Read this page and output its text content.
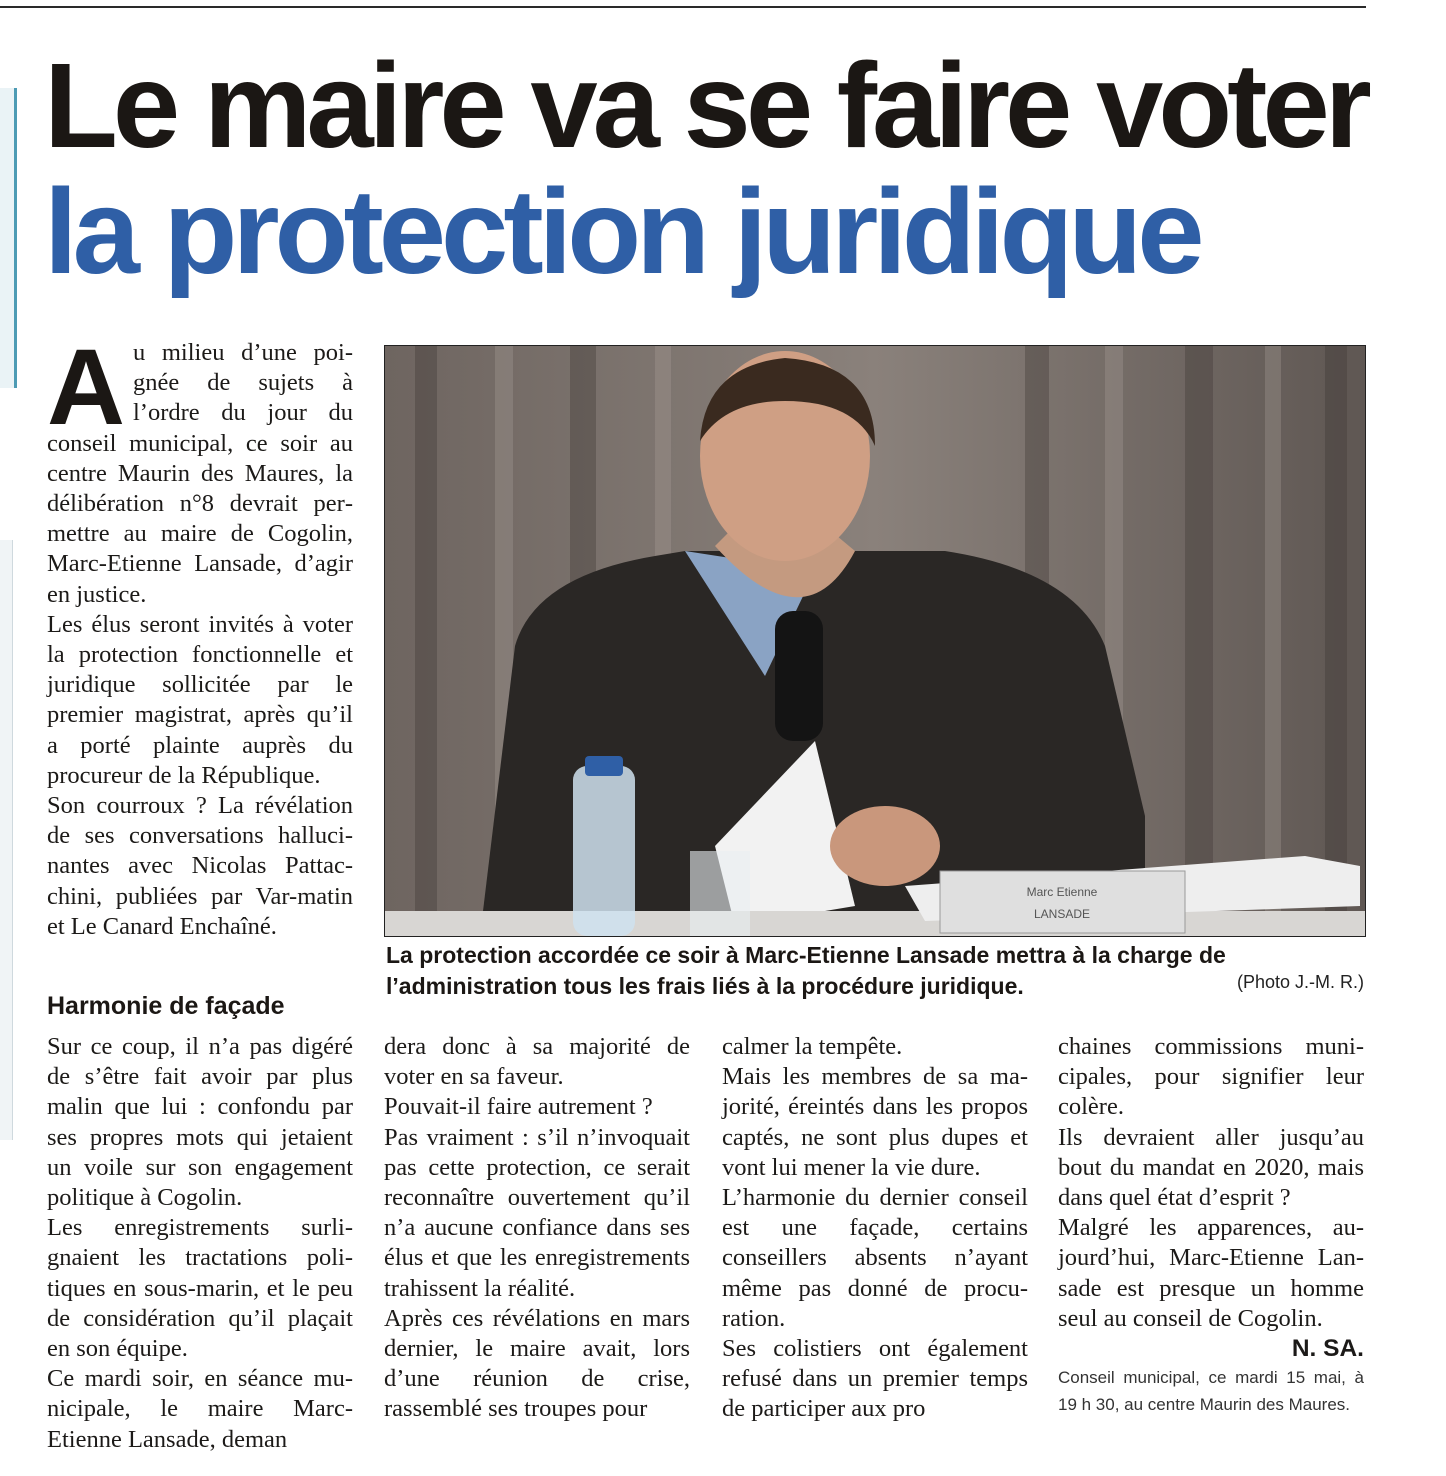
Le maire va se faire voter
la protection juridique
A u milieu d’une poignée de sujets à l’ordre du jour du conseil municipal, ce soir au centre Maurin des Maures, la délibération n°8 devrait permettre au maire de Cogolin, Marc-Etienne Lansade, d’agir en justice.

Les élus seront invités à voter la protection fonctionnelle et juridique sollicitée par le premier magistrat, après qu’il a porté plainte auprès du procureur de la République.

Son courroux ? La révélation de ses conversations hallucinantes avec Nicolas Pattacchini, publiées par Var-matin et Le Canard Enchaîné.

Marc Etienne
LANSADE
La protection accordée ce soir à Marc-Etienne Lansade mettra à la charge de l’administration tous les frais liés à la procédure juridique.	(Photo J.-M. R.)
Harmonie de façade

Sur ce coup, il n’a pas digéré de s’être fait avoir par plus malin que lui : confondu par ses propres mots qui jetaient un voile sur son engagement politique à Cogolin.

Les enregistrements surlignaient les tractations politiques en sous-marin, et le peu de considération qu’il plaçait en son équipe.

Ce mardi soir, en séance municipale, le maire Marc-Etienne Lansade, deman

dera donc à sa majorité de voter en sa faveur.

Pouvait-il faire autrement ?

Pas vraiment : s’il n’invoquait pas cette protection, ce serait reconnaître ouvertement qu’il n’a aucune confiance dans ses élus et que les enregistrements trahissent la réalité.

Après ces révélations en mars dernier, le maire avait, lors d’une réunion de crise, rassemblé ses troupes pour

calmer la tempête.

Mais les membres de sa majorité, éreintés dans les propos captés, ne sont plus dupes et vont lui mener la vie dure.

L’harmonie du dernier conseil est une façade, certains conseillers absents n’ayant même pas donné de procuration.

Ses colistiers ont également refusé dans un premier temps de participer aux pro

chaines commissions municipales, pour signifier leur colère.

Ils devraient aller jusqu’au bout du mandat en 2020, mais dans quel état d’esprit ?

Malgré les apparences, aujourd’hui, Marc-Etienne Lansade est presque un homme seul au conseil de Cogolin.

N. SA.

Conseil municipal, ce mardi 15 mai, à 19 h 30, au centre Maurin des Maures.
